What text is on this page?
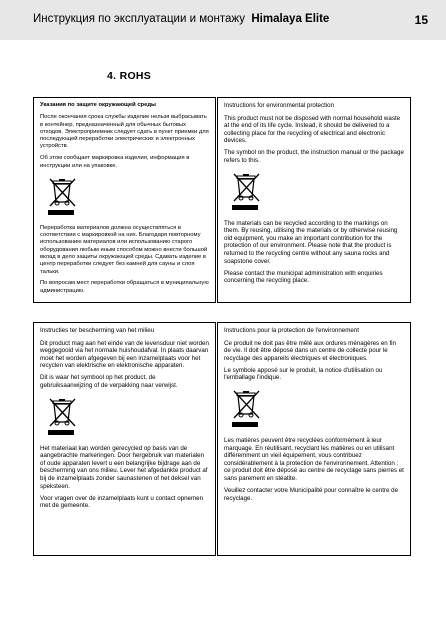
Инструкция по эксплуатации и монтажу Himalaya Elite	15
4. ROHS

Указания по защите окружающей среды

После окончания срока службы изделие нельзя выбрасывать в контейнер, предназначенный для обычных бытовых отходов. Электроприемник следует сдать в пункт приемки для последующей переработки электрических и электронных устройств.

Об этом сообщает маркировка изделия, информация в инструкции или на упаковке.

Переработка материалов должна осуществляться в соответствии с маркировкой на них. Благодаря повторному использованию материалов или использованию старого оборудования любым иным способом можно внести большой вклад в дело защиты окружающей среды. Сдавать изделие в центр переработки следует без камней для сауны и слоя тальки.

По вопросам мест переработки обращаться в муниципальную администрацию.

Instructions for environmental protection

This product must not be disposed with normal household waste at the end of its life cycle. Instead, it should be delivered to a collecting place for the recycling of electrical and electronic devices.

The symbol on the product, the instruction manual or the package refers to this.

The materials can be recycled according to the markings on them. By reusing, utilising the materials or by otherwise reusing old equipment, you make an important contribution for the protection of our environment. Please note that the product is returned to the recycling centre without any sauna rocks and soapstone cover.

Please contact the municipal administration with enquiries concerning the recycling place.

Instructies ter bescherming van het milieu

Dit product mag aan het einde van de levensduur niet worden weggegooid via het normale huishoudafval. In plaats daarvan moet het worden afgegeven bij een inzamelplaats voor het recyclen van elektrische en elektronische apparaten.

Dit is waar het symbool op het product, de gebruiksaanwijzing of de verpakking naar verwijst.

Het materiaal kan worden gerecycled op basis van de aangebrachte markeringen. Door hergebruik van materialen of oude apparaten levert u een belangrijke bijdrage aan de bescherming van ons milieu. Lever het afgedankte product af bij de inzamelplaats zonder saunastenen of het deksel van speksteen.

Voor vragen over de inzamelplaats kunt u contact opnemen met de gemeente.

Instructions pour la protection de l'environnement

Ce produit ne doit pas être mêlé aux ordures ménagères en fin de vie. Il doit être déposé dans un centre de collecte pour le recyclage des appareils électriques et électroniques.

Le symbole apposé sur le produit, la notice d'utilisation ou l'emballage l'indique.

Les matières peuvent être recyclées conformément à leur marquage. En réutilisant, recyclant les matières ou en utilisant différemment un vieil équipement, vous contribuez considérablement à la protection de l'environnement. Attention : ce produit doit être déposé au centre de recyclage sans pierres et sans parement en stéatite.

Veuillez contacter votre Municipalité pour connaître le centre de recyclage.
